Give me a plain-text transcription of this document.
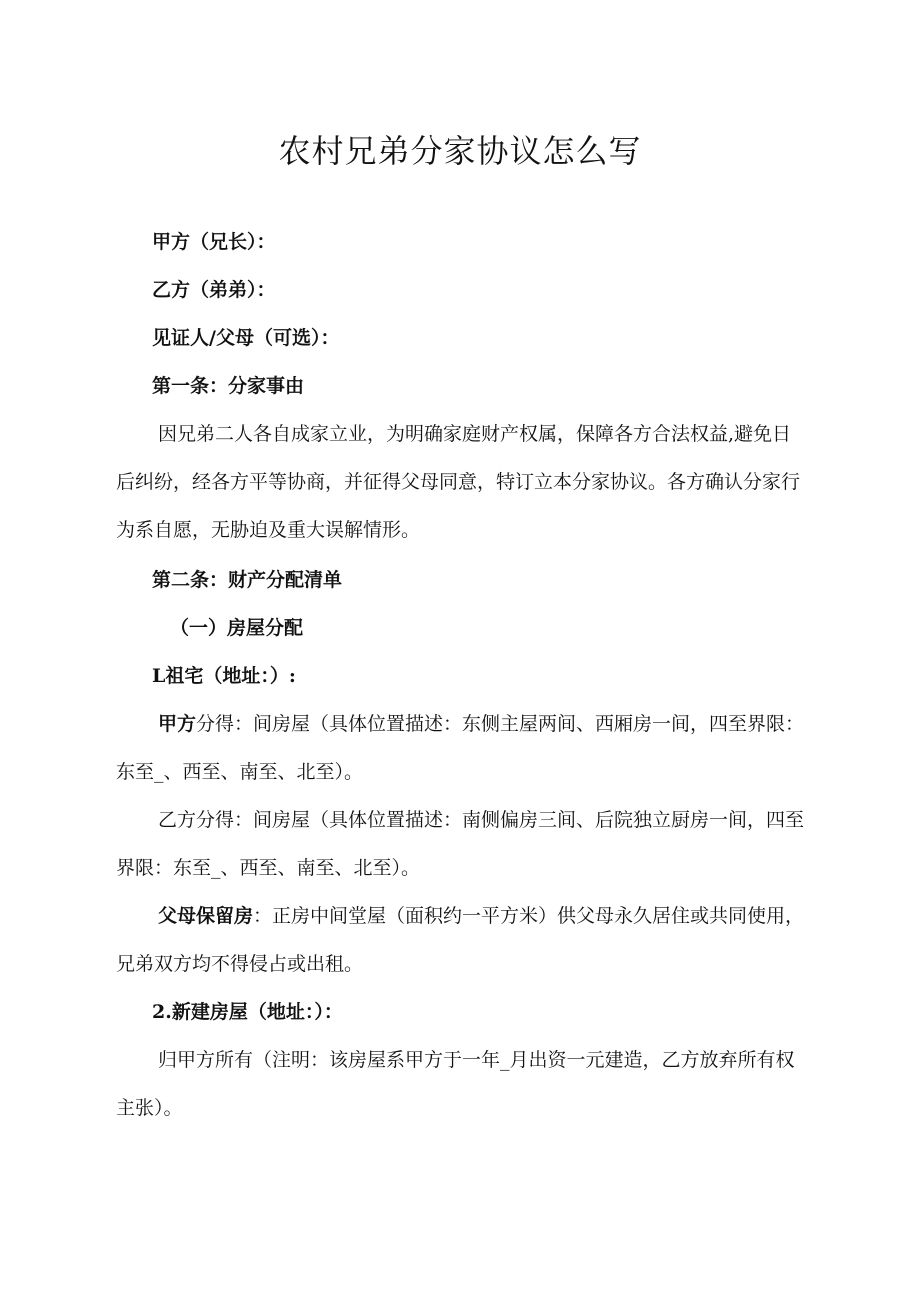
农村兄弟分家协议怎么写
甲方（兄长）：
乙方（弟弟）：
见证人/父母（可选）：
第一条：分家事由
因兄弟二人各自成家立业，为明确家庭财产权属，保障各方合法权益,避免日后纠纷，经各方平等协商，并征得父母同意，特订立本分家协议。各方确认分家行为系自愿，无胁迫及重大误解情形。
第二条：财产分配清单
（一）房屋分配
L祖宅（地址：）:
甲方分得：间房屋（具体位置描述：东侧主屋两间、西厢房一间，四至界限：东至_、西至、南至、北至）。
乙方分得：间房屋（具体位置描述：南侧偏房三间、后院独立厨房一间，四至界限：东至_、西至、南至、北至）。
父母保留房：正房中间堂屋（面积约一平方米）供父母永久居住或共同使用，兄弟双方均不得侵占或出租。
2.新建房屋（地址：）：
归甲方所有（注明：该房屋系甲方于一年_月出资一元建造，乙方放弃所有权主张）。
